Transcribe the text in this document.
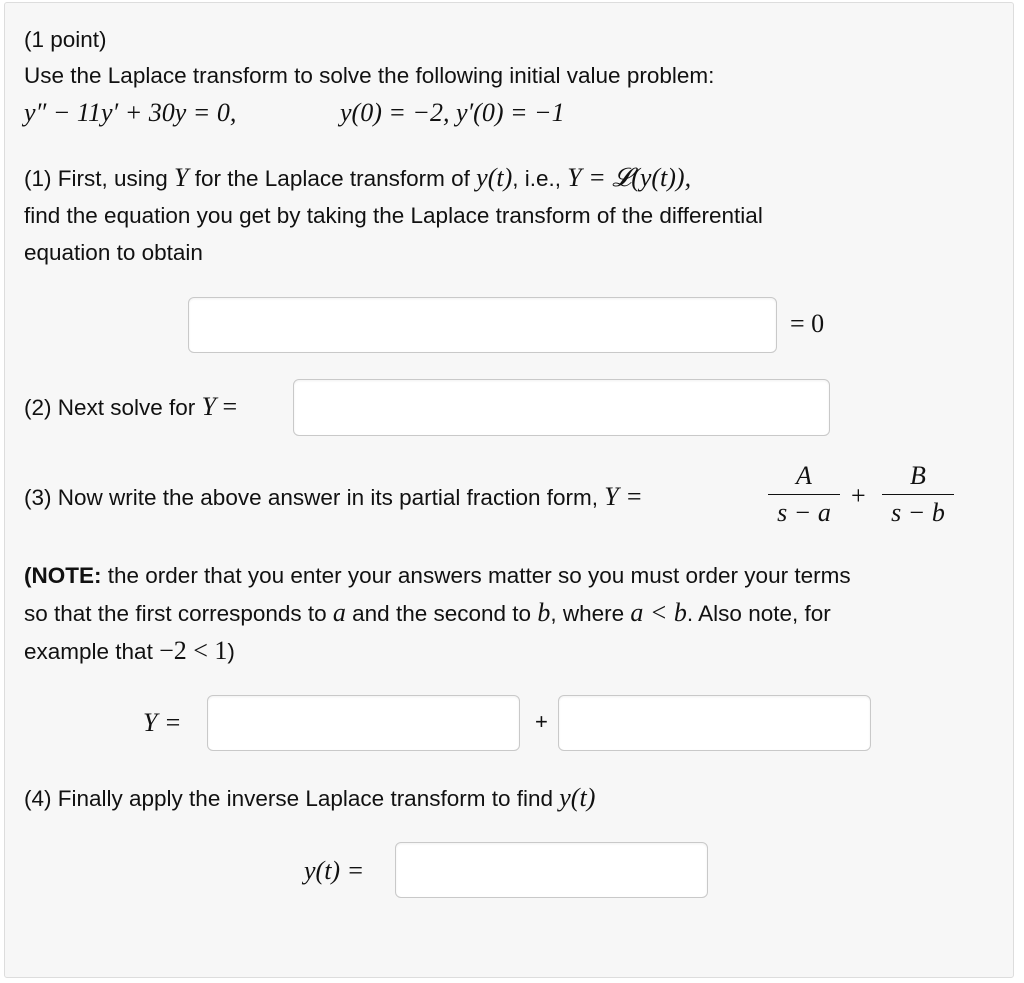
(1 point)
Use the Laplace transform to solve the following initial value problem:
y″ − 11y′ + 30y = 0,	y(0) = −2, y′(0) = −1
(1) First, using Y for the Laplace transform of y(t), i.e., Y = 𝓛(y(t)),
find the equation you get by taking the Laplace transform of the differential
equation to obtain
= 0
(2) Next solve for Y =
(3) Now write the above answer in its partial fraction form, Y =
A
s − a
+
B
s − b
(NOTE: the order that you enter your answers matter so you must order your terms
so that the first corresponds to a and the second to b, where a < b. Also note, for
example that −2 < 1)
Y =	+
(4) Finally apply the inverse Laplace transform to find y(t)
y(t) =
